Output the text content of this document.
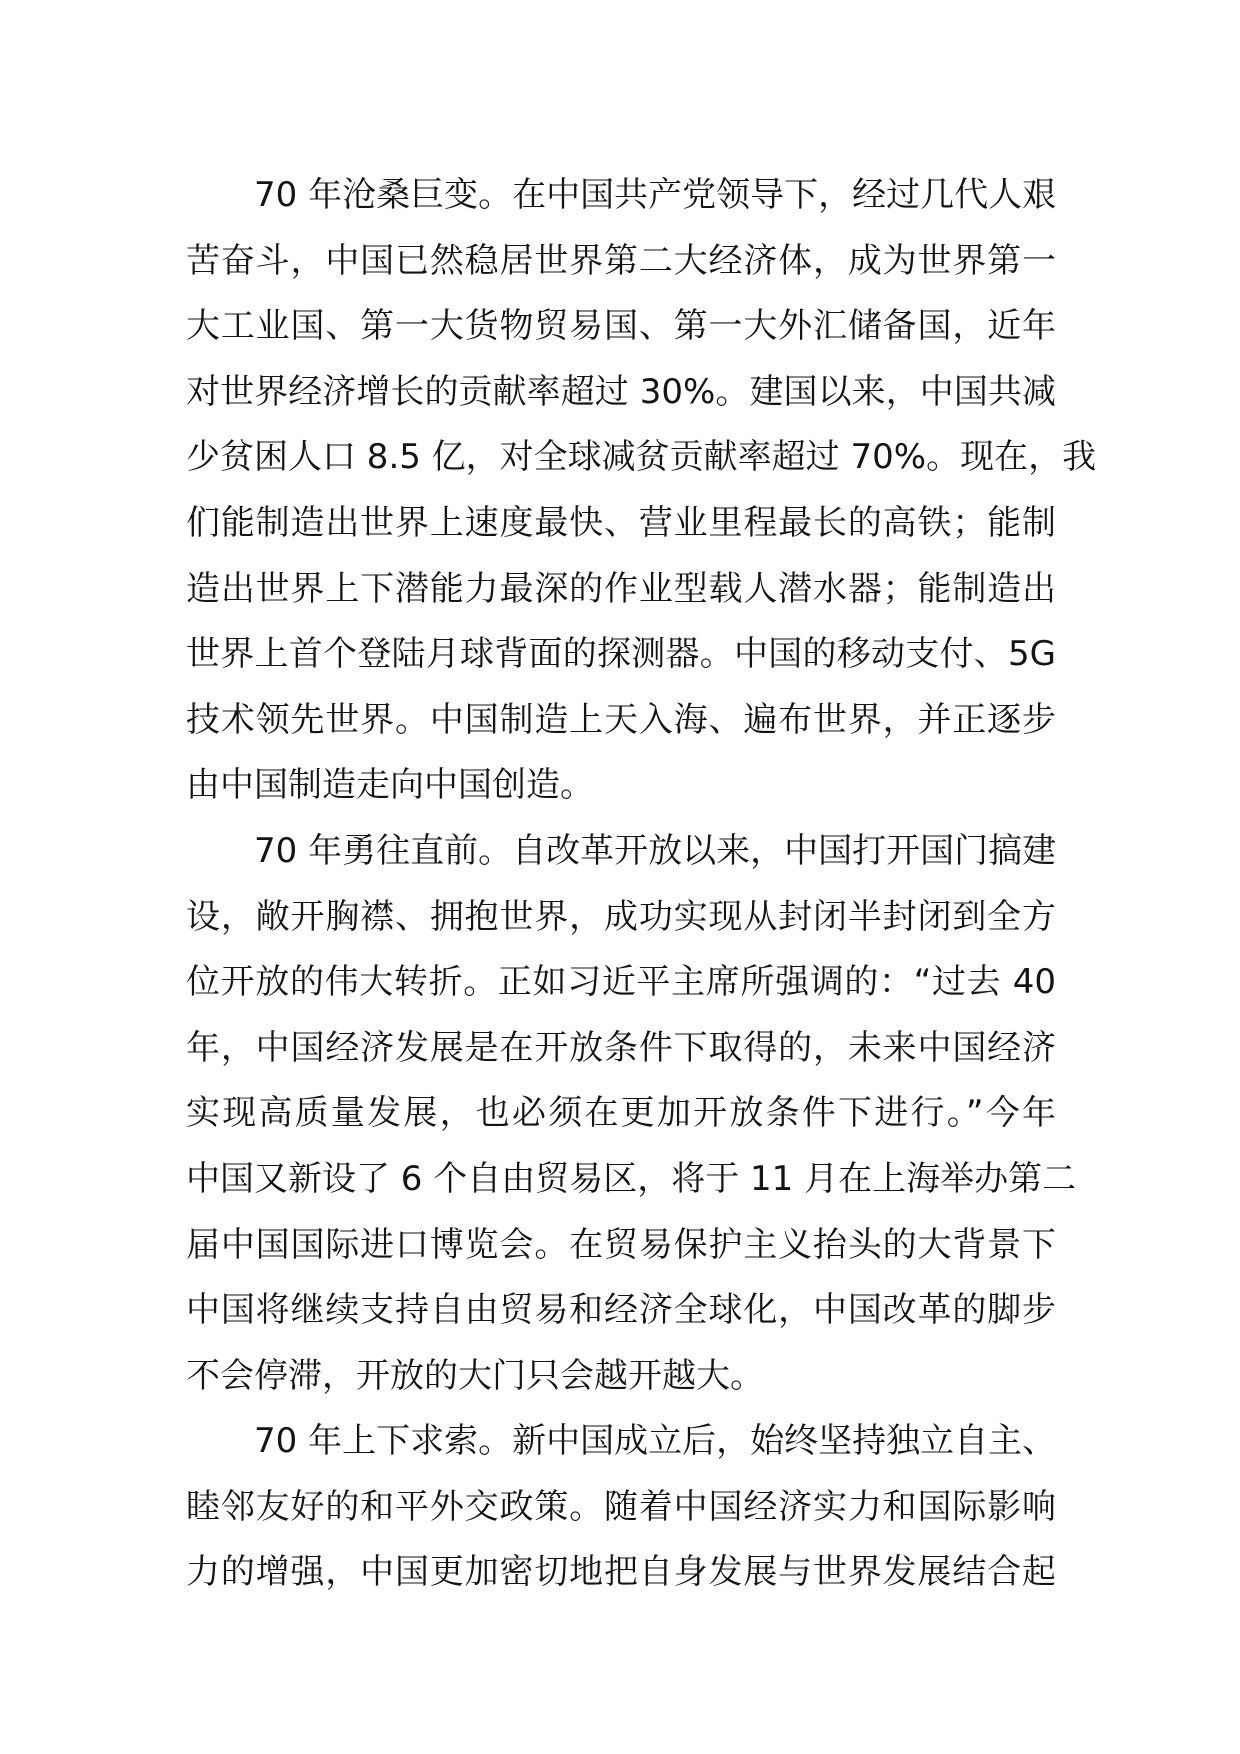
70 年沧桑巨变。在中国共产党领导下，经过几代人艰
苦奋斗，中国已然稳居世界第二大经济体，成为世界第一
大工业国、第一大货物贸易国、第一大外汇储备国，近年
对世界经济增长的贡献率超过 30%。建国以来，中国共减
少贫困人口 8.5 亿，对全球减贫贡献率超过 70%。现在，我
们能制造出世界上速度最快、营业里程最长的高铁；能制
造出世界上下潜能力最深的作业型载人潜水器；能制造出
世界上首个登陆月球背面的探测器。中国的移动支付、5G
技术领先世界。中国制造上天入海、遍布世界，并正逐步
由中国制造走向中国创造。
70 年勇往直前。自改革开放以来，中国打开国门搞建
设，敞开胸襟、拥抱世界，成功实现从封闭半封闭到全方
位开放的伟大转折。正如习近平主席所强调的：“过去 40
年，中国经济发展是在开放条件下取得的，未来中国经济
实现高质量发展，也必须在更加开放条件下进行。”今年
中国又新设了 6 个自由贸易区，将于 11 月在上海举办第二
届中国国际进口博览会。在贸易保护主义抬头的大背景下
中国将继续支持自由贸易和经济全球化，中国改革的脚步
不会停滞，开放的大门只会越开越大。
70 年上下求索。新中国成立后，始终坚持独立自主、
睦邻友好的和平外交政策。随着中国经济实力和国际影响
力的增强，中国更加密切地把自身发展与世界发展结合起
